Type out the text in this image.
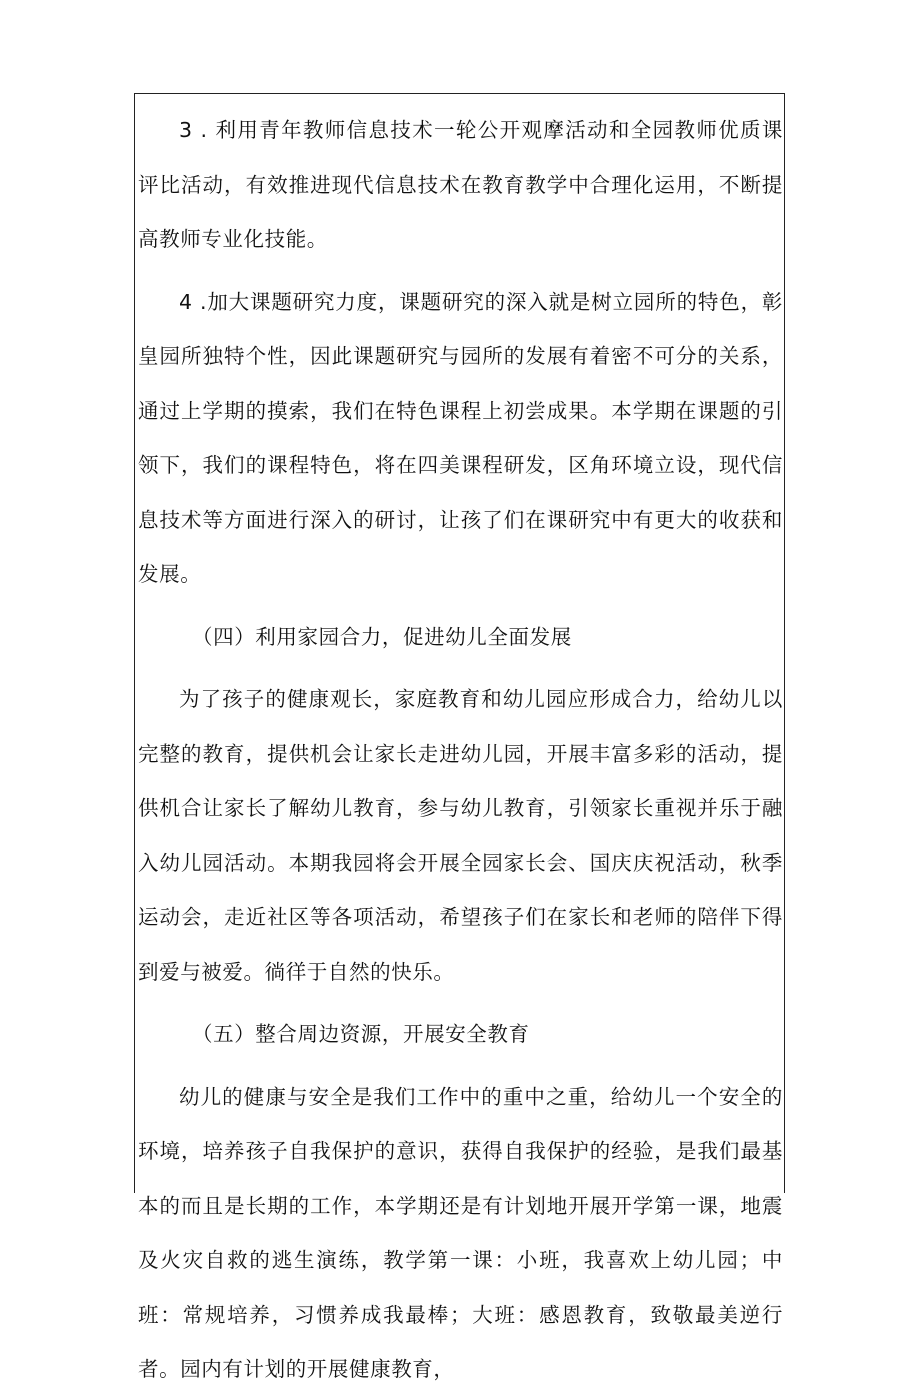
3 . 利用青年教师信息技术一轮公开观摩活动和全园教师优质课评比活动，有效推进现代信息技术在教育教学中合理化运用，不断提高教师专业化技能。

4 .加大课题研究力度，课题研究的深入就是树立园所的特色，彰皇园所独特个性，因此课题研究与园所的发展有着密不可分的关系，通过上学期的摸索，我们在特色课程上初尝成果。本学期在课题的引领下，我们的课程特色，将在四美课程研发，区角环境立设，现代信息技术等方面进行深入的研讨，让孩了们在课研究中有更大的收获和发展。

（四）利用家园合力，促进幼儿全面发展

为了孩子的健康观长，家庭教育和幼儿园应形成合力，给幼儿以完整的教育，提供机会让家长走进幼儿园，开展丰富多彩的活动，提供机合让家长了解幼儿教育，参与幼儿教育，引领家长重视并乐于融入幼儿园活动。本期我园将会开展全园家长会、国庆庆祝活动，秋季运动会，走近社区等各项活动，希望孩子们在家长和老师的陪伴下得到爱与被爱。徜徉于自然的快乐。

（五）整合周边资源，开展安全教育

幼儿的健康与安全是我们工作中的重中之重，给幼儿一个安全的环境，培养孩子自我保护的意识，获得自我保护的经验，是我们最基本的而且是长期的工作，本学期还是有计划地开展开学第一课，地震及火灾自救的逃生演练，教学第一课：小班，我喜欢上幼儿园；中班：常规培养，习惯养成我最棒；大班：感恩教育，致敬最美逆行者。园内有计划的开展健康教育，
